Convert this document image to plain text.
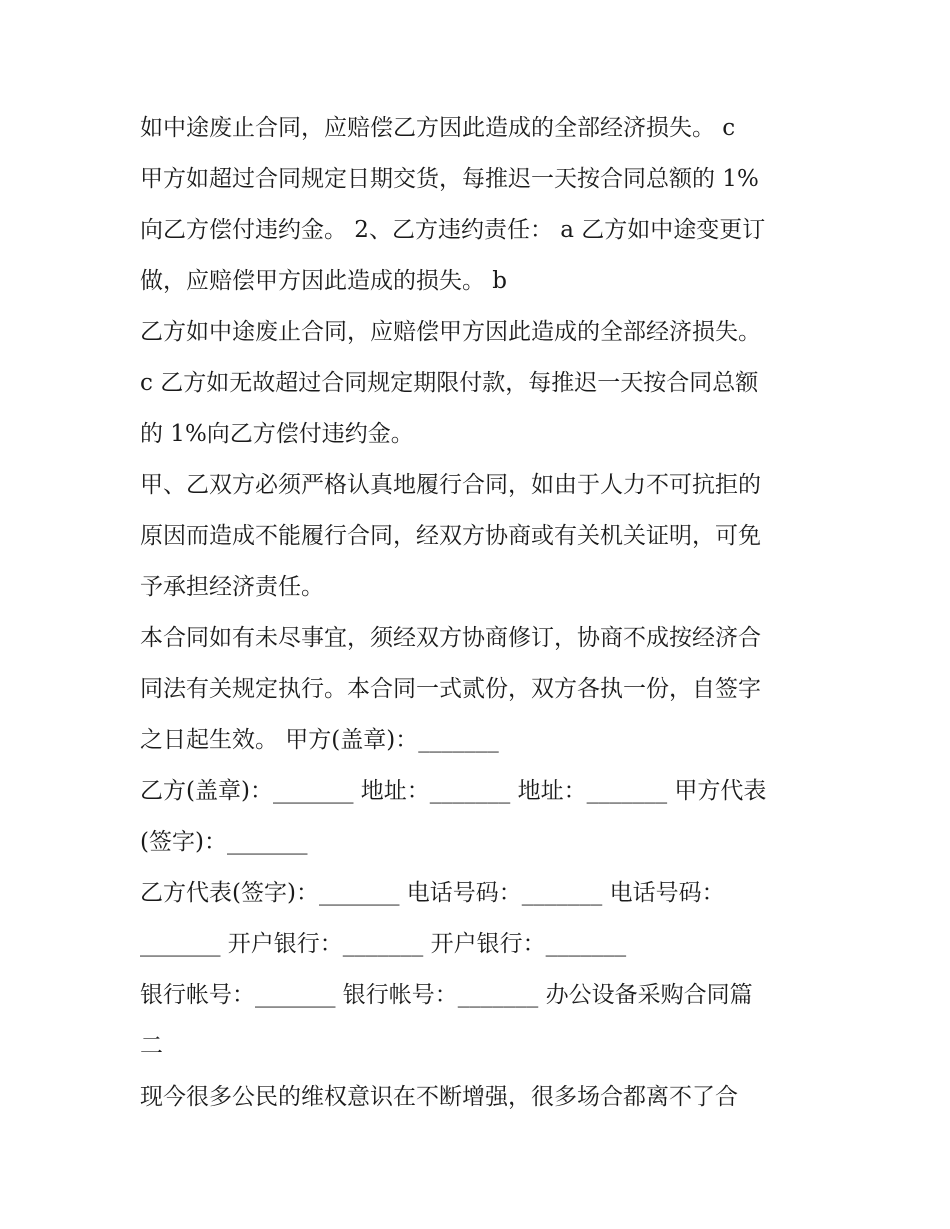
如中途废止合同，应赔偿乙方因此造成的全部经济损失。 c
甲方如超过合同规定日期交货，每推迟一天按合同总额的 1%
向乙方偿付违约金。 2、乙方违约责任： a 乙方如中途变更订
做，应赔偿甲方因此造成的损失。 b
乙方如中途废止合同，应赔偿甲方因此造成的全部经济损失。
c 乙方如无故超过合同规定期限付款，每推迟一天按合同总额
的 1%向乙方偿付违约金。
甲、乙双方必须严格认真地履行合同，如由于人力不可抗拒的
原因而造成不能履行合同，经双方协商或有关机关证明，可免
予承担经济责任。
本合同如有未尽事宜，须经双方协商修订，协商不成按经济合
同法有关规定执行。本合同一式贰份，双方各执一份，自签字
之日起生效。 甲方(盖章)：_______
乙方(盖章)：_______ 地址：_______ 地址：_______ 甲方代表
(签字)：_______
乙方代表(签字)：_______ 电话号码：_______ 电话号码：
_______ 开户银行：_______ 开户银行：_______
银行帐号：_______ 银行帐号：_______ 办公设备采购合同篇
二
现今很多公民的维权意识在不断增强，很多场合都离不了合
